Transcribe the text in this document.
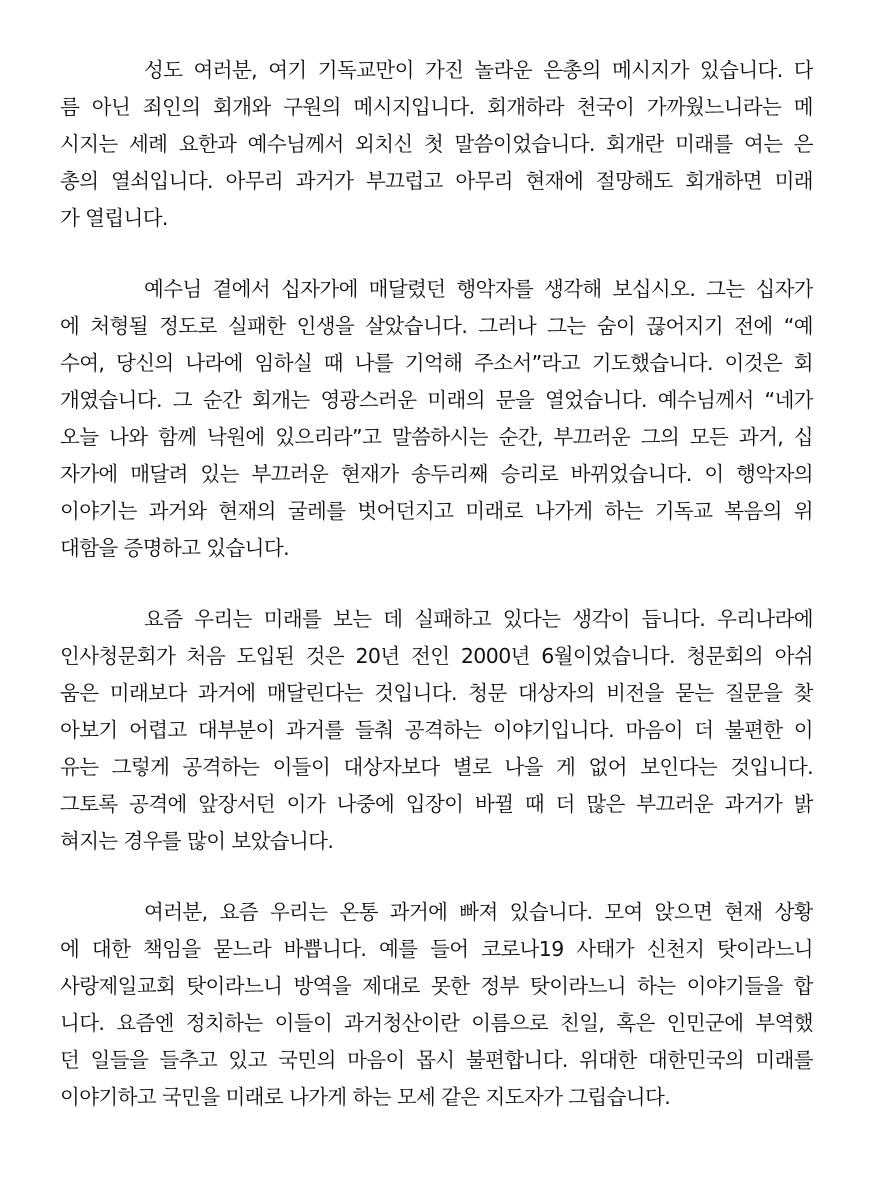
성도 여러분, 여기 기독교만이 가진 놀라운 은총의 메시지가 있습니다. 다
름 아닌 죄인의 회개와 구원의 메시지입니다. 회개하라 천국이 가까웠느니라는 메
시지는 세례 요한과 예수님께서 외치신 첫 말씀이었습니다. 회개란 미래를 여는 은
총의 열쇠입니다. 아무리 과거가 부끄럽고 아무리 현재에 절망해도 회개하면 미래
가 열립니다.
예수님 곁에서 십자가에 매달렸던 행악자를 생각해 보십시오. 그는 십자가
에 처형될 정도로 실패한 인생을 살았습니다. 그러나 그는 숨이 끊어지기 전에 “예
수여, 당신의 나라에 임하실 때 나를 기억해 주소서”라고 기도했습니다. 이것은 회
개였습니다. 그 순간 회개는 영광스러운 미래의 문을 열었습니다. 예수님께서 “네가
오늘 나와 함께 낙원에 있으리라”고 말씀하시는 순간, 부끄러운 그의 모든 과거, 십
자가에 매달려 있는 부끄러운 현재가 송두리째 승리로 바뀌었습니다. 이 행악자의
이야기는 과거와 현재의 굴레를 벗어던지고 미래로 나가게 하는 기독교 복음의 위
대함을 증명하고 있습니다.
요즘 우리는 미래를 보는 데 실패하고 있다는 생각이 듭니다. 우리나라에
인사청문회가 처음 도입된 것은 20년 전인 2000년 6월이었습니다. 청문회의 아쉬
움은 미래보다 과거에 매달린다는 것입니다. 청문 대상자의 비전을 묻는 질문을 찾
아보기 어렵고 대부분이 과거를 들춰 공격하는 이야기입니다. 마음이 더 불편한 이
유는 그렇게 공격하는 이들이 대상자보다 별로 나을 게 없어 보인다는 것입니다.
그토록 공격에 앞장서던 이가 나중에 입장이 바뀔 때 더 많은 부끄러운 과거가 밝
혀지는 경우를 많이 보았습니다.
여러분, 요즘 우리는 온통 과거에 빠져 있습니다. 모여 앉으면 현재 상황
에 대한 책임을 묻느라 바쁩니다. 예를 들어 코로나19 사태가 신천지 탓이라느니
사랑제일교회 탓이라느니 방역을 제대로 못한 정부 탓이라느니 하는 이야기들을 합
니다. 요즘엔 정치하는 이들이 과거청산이란 이름으로 친일, 혹은 인민군에 부역했
던 일들을 들추고 있고 국민의 마음이 몹시 불편합니다. 위대한 대한민국의 미래를
이야기하고 국민을 미래로 나가게 하는 모세 같은 지도자가 그립습니다.
